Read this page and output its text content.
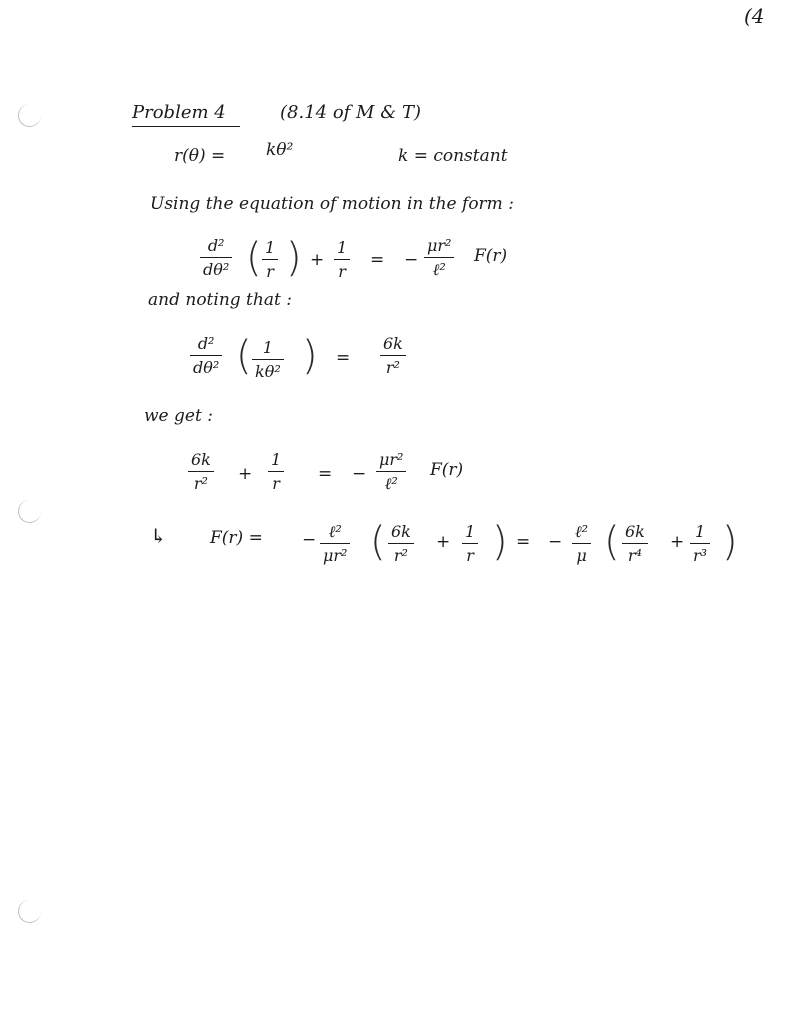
(4
Problem 4	(8.14 of M & T)
r(θ) = kθ²	k = constant
Using the equation of motion in the form :
d²
dθ² ( 1
r ) +
1
r
= −
μr²
ℓ²
F(r)
and noting that :
d²
dθ² ( 1
kθ² ) =
6k
r²
we get :
6k
r² +
1
r = −
μr²
ℓ²
F(r)
↳	F(r) = − ℓ²
μr² ( 6k
r²
+
1
r ) = −
ℓ²
μ ( 6k
r⁴
+
1
r³ )
